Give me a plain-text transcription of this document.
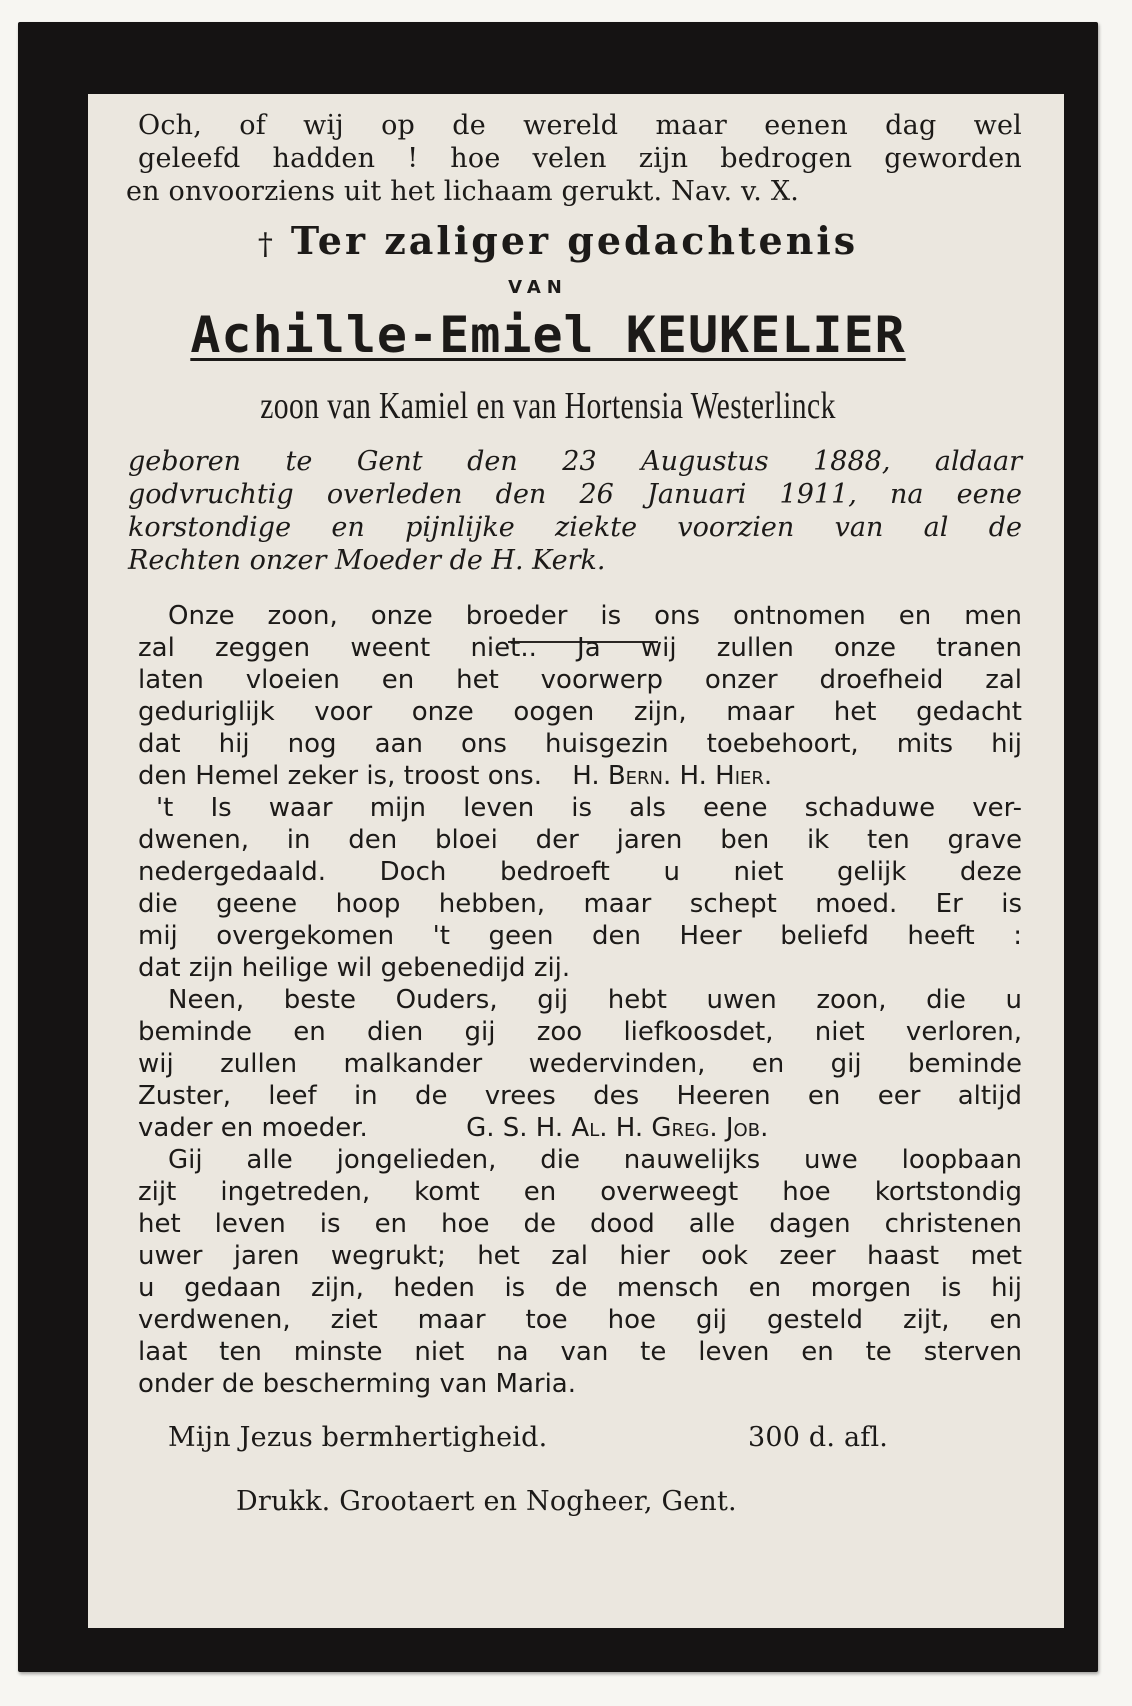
Och, of wij op de wereld maar eenen dag wel

geleefd hadden ! hoe velen zijn bedrogen geworden

en onvoorziens uit het lichaam gerukt. Nav. v. X.

† Ter zaliger gedachtenis

VAN

Achille-Emiel KEUKELIER

zoon van Kamiel en van Hortensia Westerlinck

geboren te Gent den 23 Augustus 1888, aldaar

godvruchtig overleden den 26 Januari 1911, na eene

korstondige en pijnlijke ziekte voorzien van al de

Rechten onzer Moeder de H. Kerk.

Onze zoon, onze broeder is ons ontnomen en men

zal zeggen weent niet.. Ja wij zullen onze tranen

laten vloeien en het voorwerp onzer droefheid zal

geduriglijk voor onze oogen zijn, maar het gedacht

dat hij nog aan ons huisgezin toebehoort, mits hij

den Hemel zeker is, troost ons. H. Bern. H. Hier.

't Is waar mijn leven is als eene schaduwe ver-

dwenen, in den bloei der jaren ben ik ten grave

nedergedaald. Doch bedroeft u niet gelijk deze

die geene hoop hebben, maar schept moed. Er is

mij overgekomen 't geen den Heer beliefd heeft :

dat zijn heilige wil gebenedijd zij.

Neen, beste Ouders, gij hebt uwen zoon, die u

beminde en dien gij zoo liefkoosdet, niet verloren,

wij zullen malkander wedervinden, en gij beminde

Zuster, leef in de vrees des Heeren en eer altijd

vader en moeder.	G. S. H. Al. H. Greg. Job.

Gij alle jongelieden, die nauwelijks uwe loopbaan

zijt ingetreden, komt en overweegt hoe kortstondig

het leven is en hoe de dood alle dagen christenen

uwer jaren wegrukt; het zal hier ook zeer haast met

u gedaan zijn, heden is de mensch en morgen is hij

verdwenen, ziet maar toe hoe gij gesteld zijt, en

laat ten minste niet na van te leven en te sterven

onder de bescherming van Maria.

Mijn Jezus bermhertigheid.	300 d. afl.

Drukk. Grootaert en Nogheer, Gent.
